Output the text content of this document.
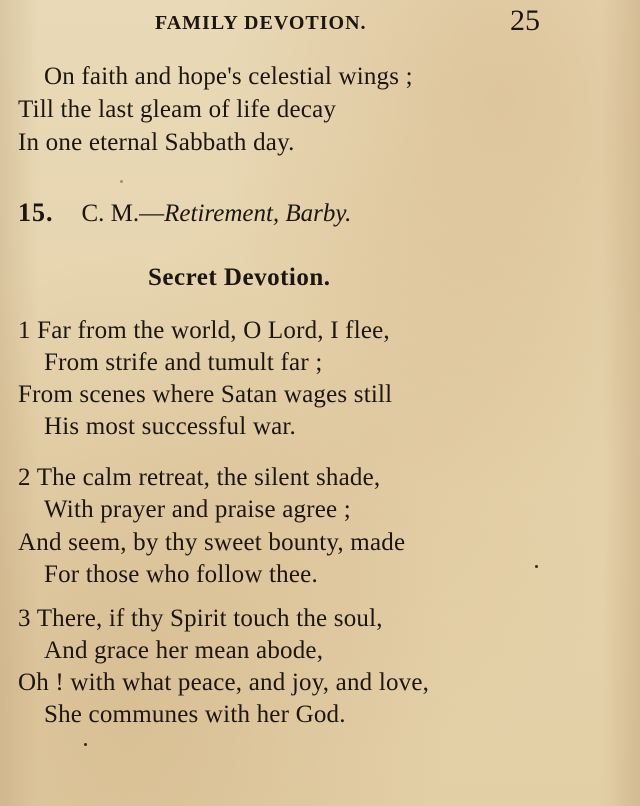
FAMILY DEVOTION.	25
On faith and hope's celestial wings ;
Till the last gleam of life decay
In one eternal Sabbath day.
15. C. M.—Retirement, Barby.
Secret Devotion.
1 Far from the world, O Lord, I flee,
From strife and tumult far ;
From scenes where Satan wages still
His most successful war.
2 The calm retreat, the silent shade,
With prayer and praise agree ;
And seem, by thy sweet bounty, made
For those who follow thee.
3 There, if thy Spirit touch the soul,
And grace her mean abode,
Oh ! with what peace, and joy, and love,
She communes with her God.
